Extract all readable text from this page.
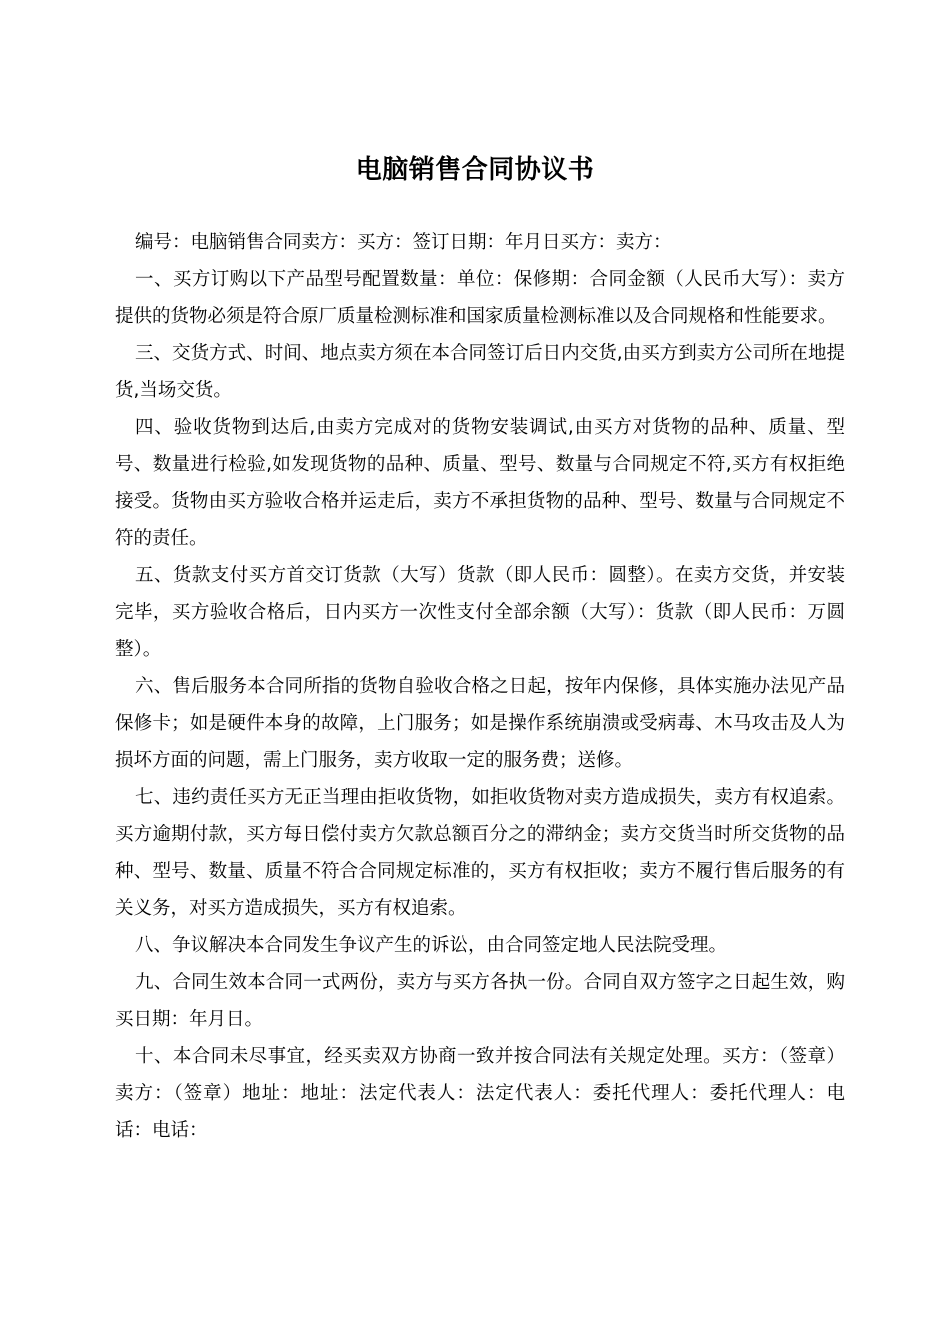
电脑销售合同协议书

编号：电脑销售合同卖方：买方：签订日期：年月日买方：卖方：

一、买方订购以下产品型号配置数量：单位：保修期：合同金额（人民币大写）：卖方提供的货物必须是符合原厂质量检测标准和国家质量检测标准以及合同规格和性能要求。

三、交货方式、时间、地点卖方须在本合同签订后日内交货,由买方到卖方公司所在地提货,当场交货。

四、验收货物到达后,由卖方完成对的货物安装调试,由买方对货物的品种、质量、型号、数量进行检验,如发现货物的品种、质量、型号、数量与合同规定不符,买方有权拒绝接受。货物由买方验收合格并运走后，卖方不承担货物的品种、型号、数量与合同规定不符的责任。

五、货款支付买方首交订货款（大写）货款（即人民币：圆整）。在卖方交货，并安装完毕，买方验收合格后，日内买方一次性支付全部余额（大写）：货款（即人民币：万圆整）。

六、售后服务本合同所指的货物自验收合格之日起，按年内保修，具体实施办法见产品保修卡；如是硬件本身的故障，上门服务；如是操作系统崩溃或受病毒、木马攻击及人为损坏方面的问题，需上门服务，卖方收取一定的服务费；送修。

七、违约责任买方无正当理由拒收货物，如拒收货物对卖方造成损失，卖方有权追索。买方逾期付款，买方每日偿付卖方欠款总额百分之的滞纳金；卖方交货当时所交货物的品种、型号、数量、质量不符合合同规定标准的，买方有权拒收；卖方不履行售后服务的有关义务，对买方造成损失，买方有权追索。

八、争议解决本合同发生争议产生的诉讼，由合同签定地人民法院受理。

九、合同生效本合同一式两份，卖方与买方各执一份。合同自双方签字之日起生效，购买日期：年月日。

十、本合同未尽事宜，经买卖双方协商一致并按合同法有关规定处理。买方：（签章）卖方：（签章）地址：地址：法定代表人：法定代表人：委托代理人：委托代理人：电话：电话：
